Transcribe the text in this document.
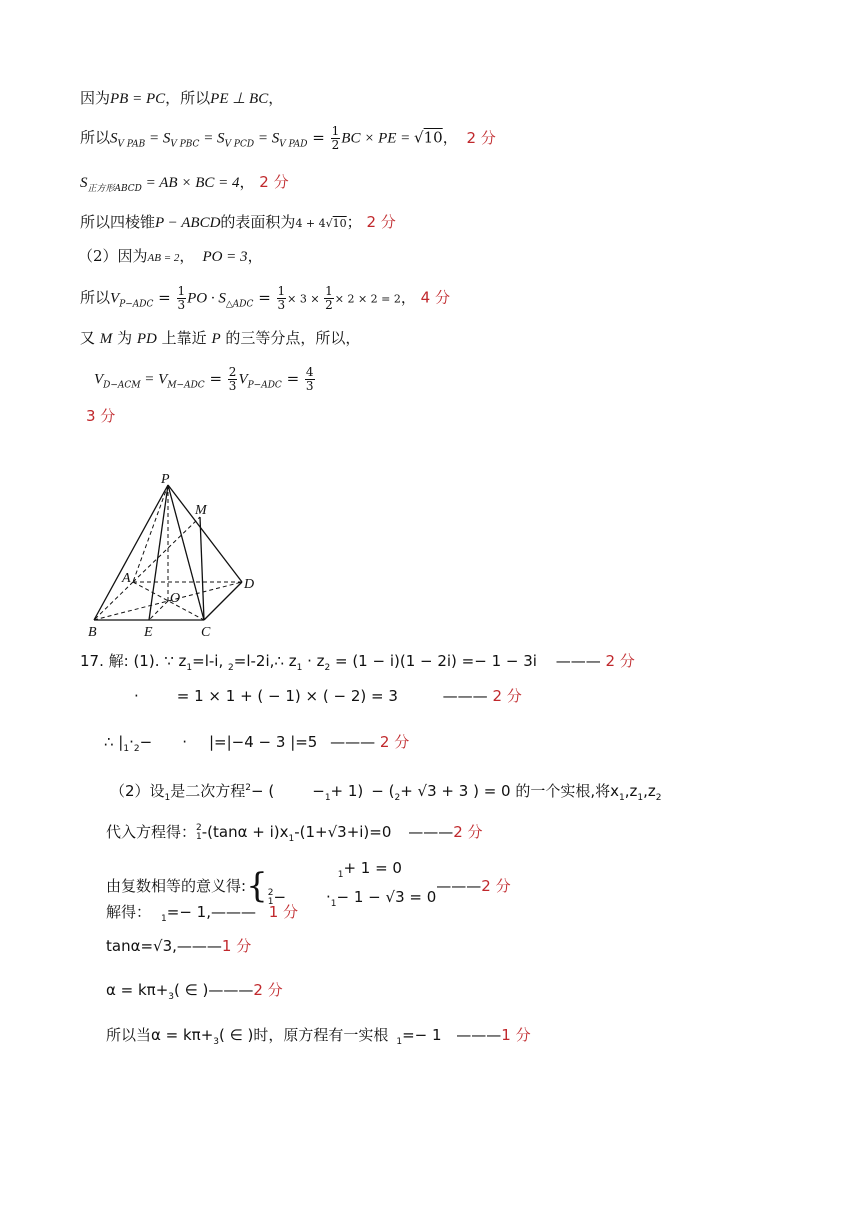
因为PB = PC，所以PE ⊥ BC，
所以$S_{V PAB} = S_{V PBC} = S_{V PCD} = S_{V PAD} = \frac{1}{2}$ BC × PE = √10， 2 分
$S_{正方形ABCD}$ = AB × BC = 4， 2 分
所以四棱锥P − ABCD的表面积为4 + 4√10； 2 分
（2）因为AB = 2， PO = 3，
所以$V_{P-ADC} = \frac{1}{3}$ PO · $S_{\triangle ADC} = \frac{1}{3} \times 3 \times \frac{1}{2} \times 2 \times 2 = 2$， 4 分
又 M 为 PD 上靠近 P 的三等分点，所以，
$V_{D-ACM} = V_{M-ADC} = \frac{2}{3} V_{P-ADC} = \frac{4}{3}$
3 分
P
M
A	D
O
B	E	C
17. 解: (1). ∵ $z_1=l-i$, $_2$=l-2i,∴ $z_1 \cdot z_2 = (1 - i)(1 - 2i) =- 1 - 3i$ ——— 2 分
·	= 1 × 1 + ( − 1) × ( − 2) = 3	——— 2 分
∴ $|_1\cdot_2- \cdot |=|-4 - 3$ |=5 ——— 2 分
（2）设$_1$是二次方程$^2$− (	$-_1+ 1) - (_2+ √3 + 3$ ) = 0 的一个实根,将$x_1,z_1,z_2$
代入方程得： 2
1 $-(\tan\alpha + i)x_1-(1+√3+i)=0$ ———2 分
由复数相等的意义得:{	$_1$+ 1 = 0
2
1 −	$\cdot_1- 1 - √3 = 0$
———2 分
解得： $_1$=− 1,——— 1 分
tanα=√3,———1 分
$\alpha = k\pi+_3$( ∈ )———2 分
所以当$\alpha = k\pi+_3$( ∈ )时，原方程有一实根 $_1$=− 1 ———1 分
